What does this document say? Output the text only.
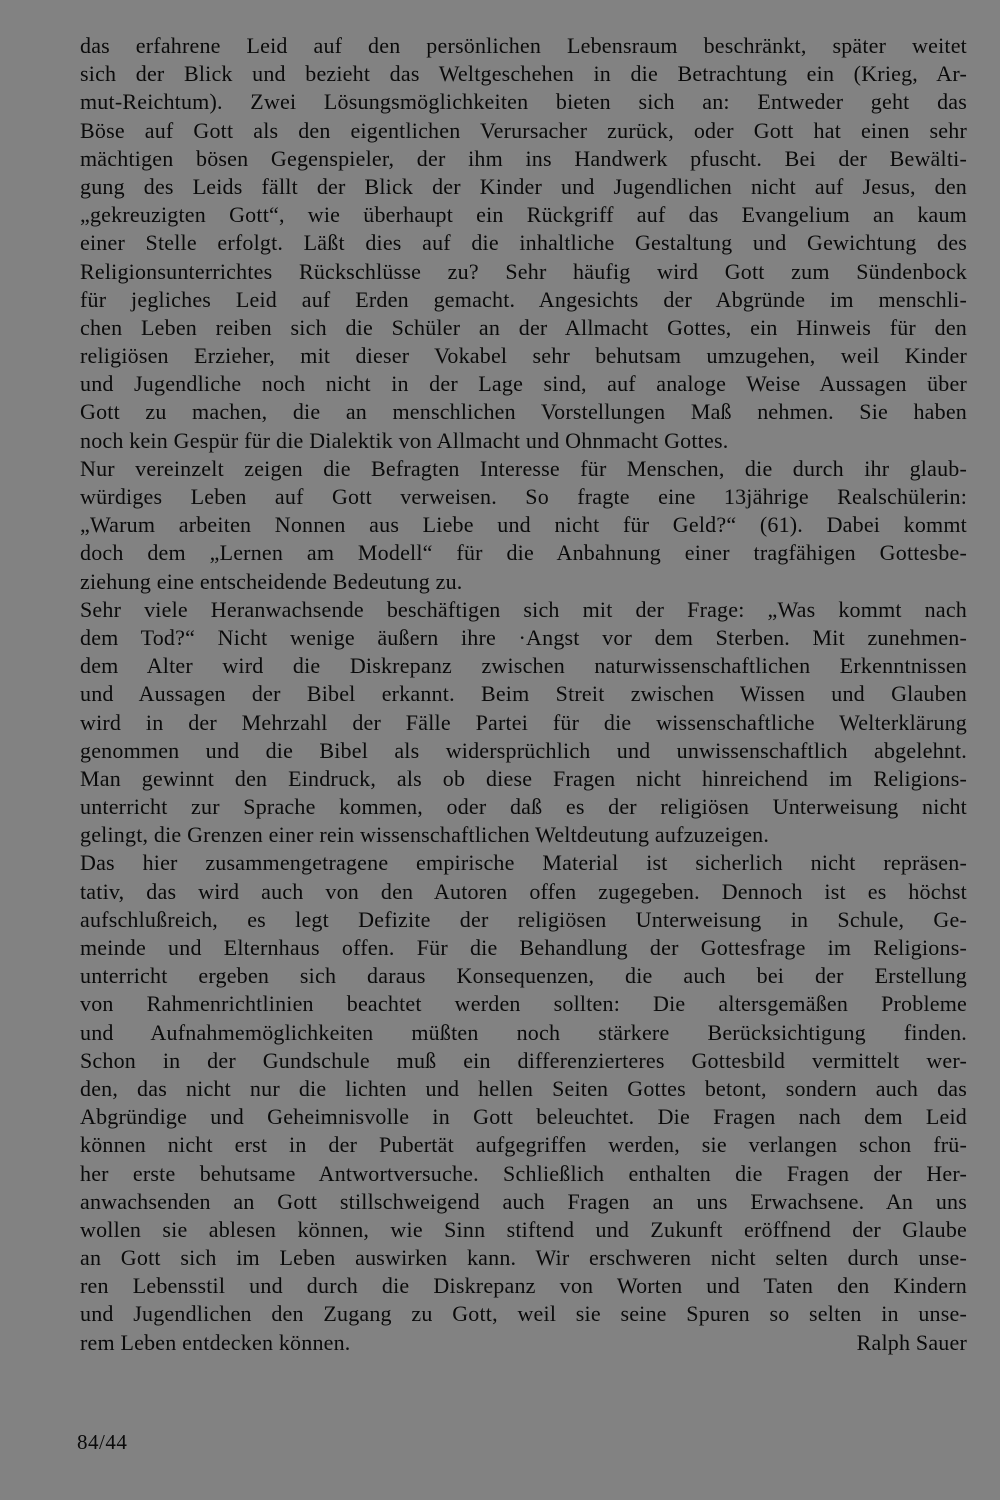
das erfahrene Leid auf den persönlichen Lebensraum beschränkt, später weitet
sich der Blick und bezieht das Weltgeschehen in die Betrachtung ein (Krieg, Ar-
mut-Reichtum). Zwei Lösungsmöglichkeiten bieten sich an: Entweder geht das
Böse auf Gott als den eigentlichen Verursacher zurück, oder Gott hat einen sehr
mächtigen bösen Gegenspieler, der ihm ins Handwerk pfuscht. Bei der Bewälti-
gung des Leids fällt der Blick der Kinder und Jugendlichen nicht auf Jesus, den
„gekreuzigten Gott“, wie überhaupt ein Rückgriff auf das Evangelium an kaum
einer Stelle erfolgt. Läßt dies auf die inhaltliche Gestaltung und Gewichtung des
Religionsunterrichtes Rückschlüsse zu? Sehr häufig wird Gott zum Sündenbock
für jegliches Leid auf Erden gemacht. Angesichts der Abgründe im menschli-
chen Leben reiben sich die Schüler an der Allmacht Gottes, ein Hinweis für den
religiösen Erzieher, mit dieser Vokabel sehr behutsam umzugehen, weil Kinder
und Jugendliche noch nicht in der Lage sind, auf analoge Weise Aussagen über
Gott zu machen, die an menschlichen Vorstellungen Maß nehmen. Sie haben
noch kein Gespür für die Dialektik von Allmacht und Ohnmacht Gottes.
Nur vereinzelt zeigen die Befragten Interesse für Menschen, die durch ihr glaub-
würdiges Leben auf Gott verweisen. So fragte eine 13jährige Realschülerin:
„Warum arbeiten Nonnen aus Liebe und nicht für Geld?“ (61). Dabei kommt
doch dem „Lernen am Modell“ für die Anbahnung einer tragfähigen Gottesbe-
ziehung eine entscheidende Bedeutung zu.
Sehr viele Heranwachsende beschäftigen sich mit der Frage: „Was kommt nach
dem Tod?“ Nicht wenige äußern ihre ·Angst vor dem Sterben. Mit zunehmen-
dem Alter wird die Diskrepanz zwischen naturwissenschaftlichen Erkenntnissen
und Aussagen der Bibel erkannt. Beim Streit zwischen Wissen und Glauben
wird in der Mehrzahl der Fälle Partei für die wissenschaftliche Welterklärung
genommen und die Bibel als widersprüchlich und unwissenschaftlich abgelehnt.
Man gewinnt den Eindruck, als ob diese Fragen nicht hinreichend im Religions-
unterricht zur Sprache kommen, oder daß es der religiösen Unterweisung nicht
gelingt, die Grenzen einer rein wissenschaftlichen Weltdeutung aufzuzeigen.
Das hier zusammengetragene empirische Material ist sicherlich nicht repräsen-
tativ, das wird auch von den Autoren offen zugegeben. Dennoch ist es höchst
aufschlußreich, es legt Defizite der religiösen Unterweisung in Schule, Ge-
meinde und Elternhaus offen. Für die Behandlung der Gottesfrage im Religions-
unterricht ergeben sich daraus Konsequenzen, die auch bei der Erstellung
von Rahmenrichtlinien beachtet werden sollten: Die altersgemäßen Probleme
und Aufnahmemöglichkeiten müßten noch stärkere Berücksichtigung finden.
Schon in der Gundschule muß ein differenzierteres Gottesbild vermittelt wer-
den, das nicht nur die lichten und hellen Seiten Gottes betont, sondern auch das
Abgründige und Geheimnisvolle in Gott beleuchtet. Die Fragen nach dem Leid
können nicht erst in der Pubertät aufgegriffen werden, sie verlangen schon frü-
her erste behutsame Antwortversuche. Schließlich enthalten die Fragen der Her-
anwachsenden an Gott stillschweigend auch Fragen an uns Erwachsene. An uns
wollen sie ablesen können, wie Sinn stiftend und Zukunft eröffnend der Glaube
an Gott sich im Leben auswirken kann. Wir erschweren nicht selten durch unse-
ren Lebensstil und durch die Diskrepanz von Worten und Taten den Kindern
und Jugendlichen den Zugang zu Gott, weil sie seine Spuren so selten in unse-
rem Leben entdecken können.	Ralph Sauer
84/44
